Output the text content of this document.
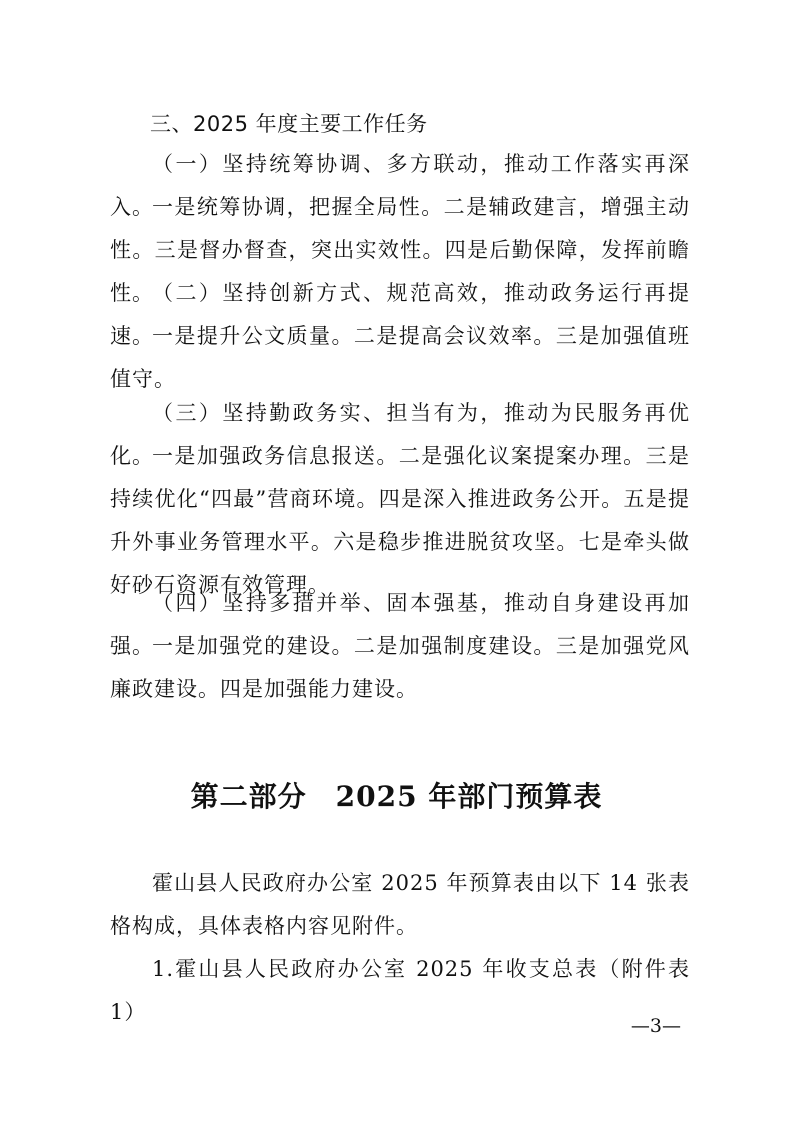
三、2025 年度主要工作任务

（一）坚持统筹协调、多方联动，推动工作落实再深入。

一是统筹协调，把握全局性。二是辅政建言，增强主动性。三是督办督查，突出实效性。四是后勤保障，发挥前瞻性。

（二）坚持创新方式、规范高效，推动政务运行再提速。

一是提升公文质量。二是提高会议效率。三是加强值班值守。

（三）坚持勤政务实、担当有为，推动为民服务再优化。

一是加强政务信息报送。二是强化议案提案办理。三是持续优化“四最”营商环境。四是深入推进政务公开。五是提升外事业务管理水平。六是稳步推进脱贫攻坚。七是牵头做好砂石资源有效管理。

（四）坚持多措并举、固本强基，推动自身建设再加强。

一是加强党的建设。二是加强制度建设。三是加强党风廉政建设。四是加强能力建设。

第二部分　2025 年部门预算表

霍山县人民政府办公室 2025 年预算表由以下 14 张表格构成，具体表格内容见附件。

1.霍山县人民政府办公室 2025 年收支总表（附件表 1）

—3—
